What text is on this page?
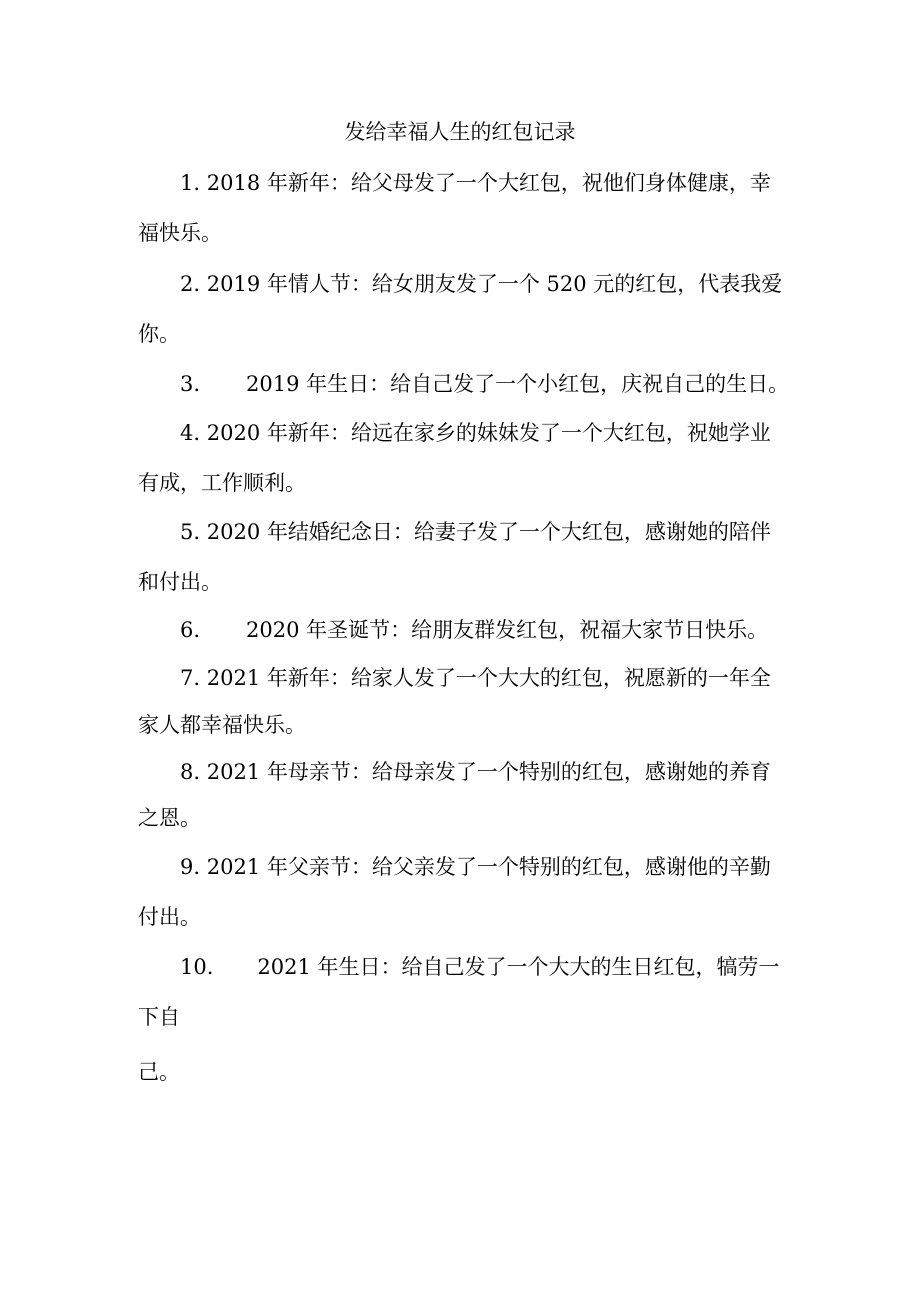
发给幸福人生的红包记录
1. 2018 年新年：给父母发了一个大红包，祝他们身体健康，幸
福快乐。
2. 2019 年情人节：给女朋友发了一个 520 元的红包，代表我爱
你。
3. 2019 年生日：给自己发了一个小红包，庆祝自己的生日。
4. 2020 年新年：给远在家乡的妹妹发了一个大红包，祝她学业
有成，工作顺利。
5. 2020 年结婚纪念日：给妻子发了一个大红包，感谢她的陪伴
和付出。
6. 2020 年圣诞节：给朋友群发红包，祝福大家节日快乐。
7. 2021 年新年：给家人发了一个大大的红包，祝愿新的一年全
家人都幸福快乐。
8. 2021 年母亲节：给母亲发了一个特别的红包，感谢她的养育
之恩。
9. 2021 年父亲节：给父亲发了一个特别的红包，感谢他的辛勤
付出。
10. 2021 年生日：给自己发了一个大大的生日红包，犒劳一
下自
己。
